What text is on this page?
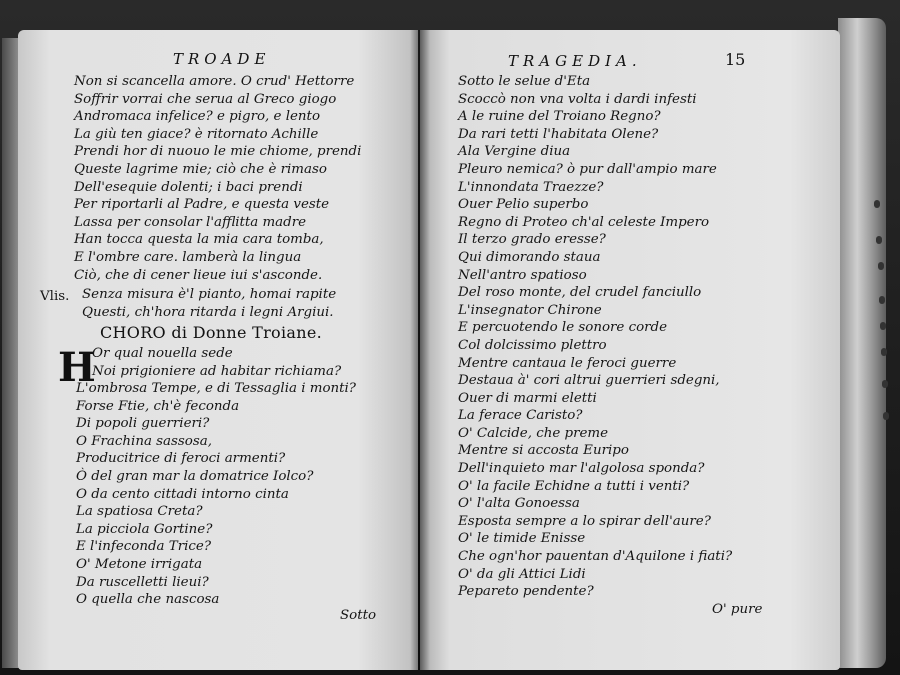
TROADE
Non si scancella amore. O crud' Hettorre
Soffrir vorrai che serua al Greco giogo
Andromaca infelice? e pigro, e lento
La giù ten giace? è ritornato Achille
Prendi hor di nuouo le mie chiome, prendi
Queste lagrime mie; ciò che è rimaso
Dell'esequie dolenti; i baci prendi
Per riportarli al Padre, e questa veste
Lassa per consolar l'afflitta madre
Han tocca questa la mia cara tomba,
E l'ombre care. lamberà la lingua
Ciò, che di cener lieue iui s'asconde.
Vlis. Senza misura è'l pianto, homai rapite
Questi, ch'hora ritarda i legni Argiui.
CHORO di Donne Troiane.
H
Or qual nouella sede
Noi prigioniere ad habitar richiama?
L'ombrosa Tempe, e di Tessaglia i monti?
Forse Ftie, ch'è feconda
Di popoli guerrieri?
O Frachina sassosa,
Producitrice di feroci armenti?
Ò del gran mar la domatrice Iolco?
O da cento cittadi intorno cinta
La spatiosa Creta?
La picciola Gortine?
E l'infeconda Trice?
O' Metone irrigata
Da ruscelletti lieui?
O quella che nascosa
Sotto
TRAGEDIA.	15
Sotto le selue d'Eta
Scoccò non vna volta i dardi infesti
A le ruine del Troiano Regno?
Da rari tetti l'habitata Olene?
Ala Vergine diua
Pleuro nemica? ò pur dall'ampio mare
L'innondata Traezze?
Ouer Pelio superbo
Regno di Proteo ch'al celeste Impero
Il terzo grado eresse?
Qui dimorando staua
Nell'antro spatioso
Del roso monte, del crudel fanciullo
L'insegnator Chirone
E percuotendo le sonore corde
Col dolcissimo plettro
Mentre cantaua le feroci guerre
Destaua à' cori altrui guerrieri sdegni,
Ouer di marmi eletti
La ferace Caristo?
O' Calcide, che preme
Mentre si accosta Euripo
Dell'inquieto mar l'algolosa sponda?
O' la facile Echidne a tutti i venti?
O' l'alta Gonoessa
Esposta sempre a lo spirar dell'aure?
O' le timide Enisse
Che ogn'hor pauentan d'Aquilone i fiati?
O' da gli Attici Lidi
Pepareto pendente?
O' pure
